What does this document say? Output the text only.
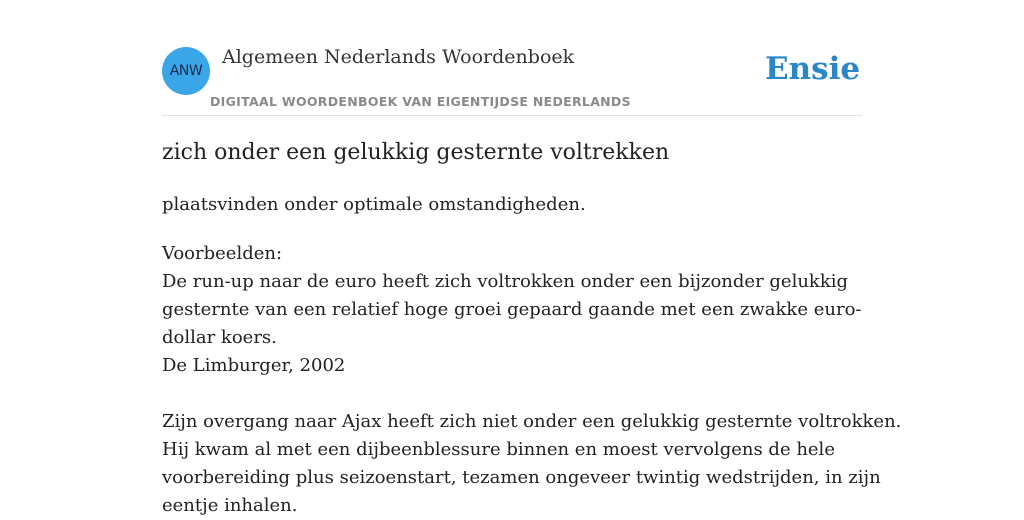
ANW
Algemeen Nederlands Woordenboek
DIGITAAL WOORDENBOEK VAN EIGENTIJDSE NEDERLANDS
Ensie
zich onder een gelukkig gesternte voltrekken
plaatsvinden onder optimale omstandigheden.
Voorbeelden:
De run-up naar de euro heeft zich voltrokken onder een bijzonder gelukkig
gesternte van een relatief hoge groei gepaard gaande met een zwakke euro-
dollar koers.
De Limburger, 2002
Zijn overgang naar Ajax heeft zich niet onder een gelukkig gesternte voltrokken.
Hij kwam al met een dijbeenblessure binnen en moest vervolgens de hele
voorbereiding plus seizoenstart, tezamen ongeveer twintig wedstrijden, in zijn
eentje inhalen.
